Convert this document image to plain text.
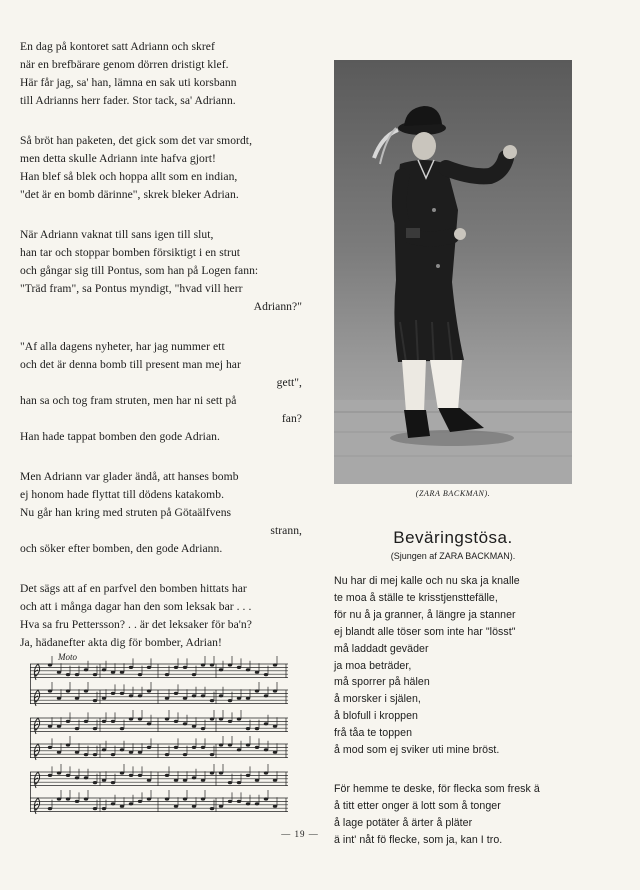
En dag på kontoret satt Adriann och skref
när en brefbärare genom dörren dristigt klef.
Här får jag, sa' han, lämna en sak uti korsbann
till Adrianns herr fader. Stor tack, sa' Adriann.
Så bröt han paketen, det gick som det var smordt,
men detta skulle Adriann inte hafva gjort!
Han blef så blek och hoppa allt som en indian,
"det är en bomb därinne", skrek bleker Adrian.
När Adriann vaknat till sans igen till slut,
han tar och stoppar bomben försiktigt i en strut
och gångar sig till Pontus, som han på Logen fann:
"Träd fram", sa Pontus myndigt, "hvad vill herr
Adriann?"
"Af alla dagens nyheter, har jag nummer ett
och det är denna bomb till present man mej har
gett",
han sa och tog fram struten, men har ni sett på
fan?
Han hade tappat bomben den gode Adrian.
Men Adriann var glader ändå, att hanses bomb
ej honom hade flyttat till dödens katakomb.
Nu går han kring med struten på Götaälfvens
strann,
och söker efter bomben, den gode Adriann.
Det sägs att af en parfvel den bomben hittats har
och att i många dagar han den som leksak bar . . .
Hva sa fru Pettersson? . . är det leksaker för ba'n?
Ja, hädanefter akta dig för bomber, Adrian!
(ZARA BACKMAN).
Beväringstösa.
(Sjungen af ZARA BACKMAN).
Nu har di mej kalle och nu ska ja knalle
te moa å ställe te krisstjensttefälle,
för nu å ja granner, å längre ja stanner
ej blandt alle töser som inte har "lösst"
må laddadt geväder
ja moa beträder,
må sporrer på hälen
å morsker i själen,
å blofull i kroppen
frå tåa te toppen
å mod som ej sviker uti mine bröst.
För hemme te deske, för flecka som fresk ä
å titt etter onger ä lott som å tonger
å lage potäter å ärter å pläter
ä int' nåt fö flecke, som ja, kan I tro.
Moto
— 19 —
